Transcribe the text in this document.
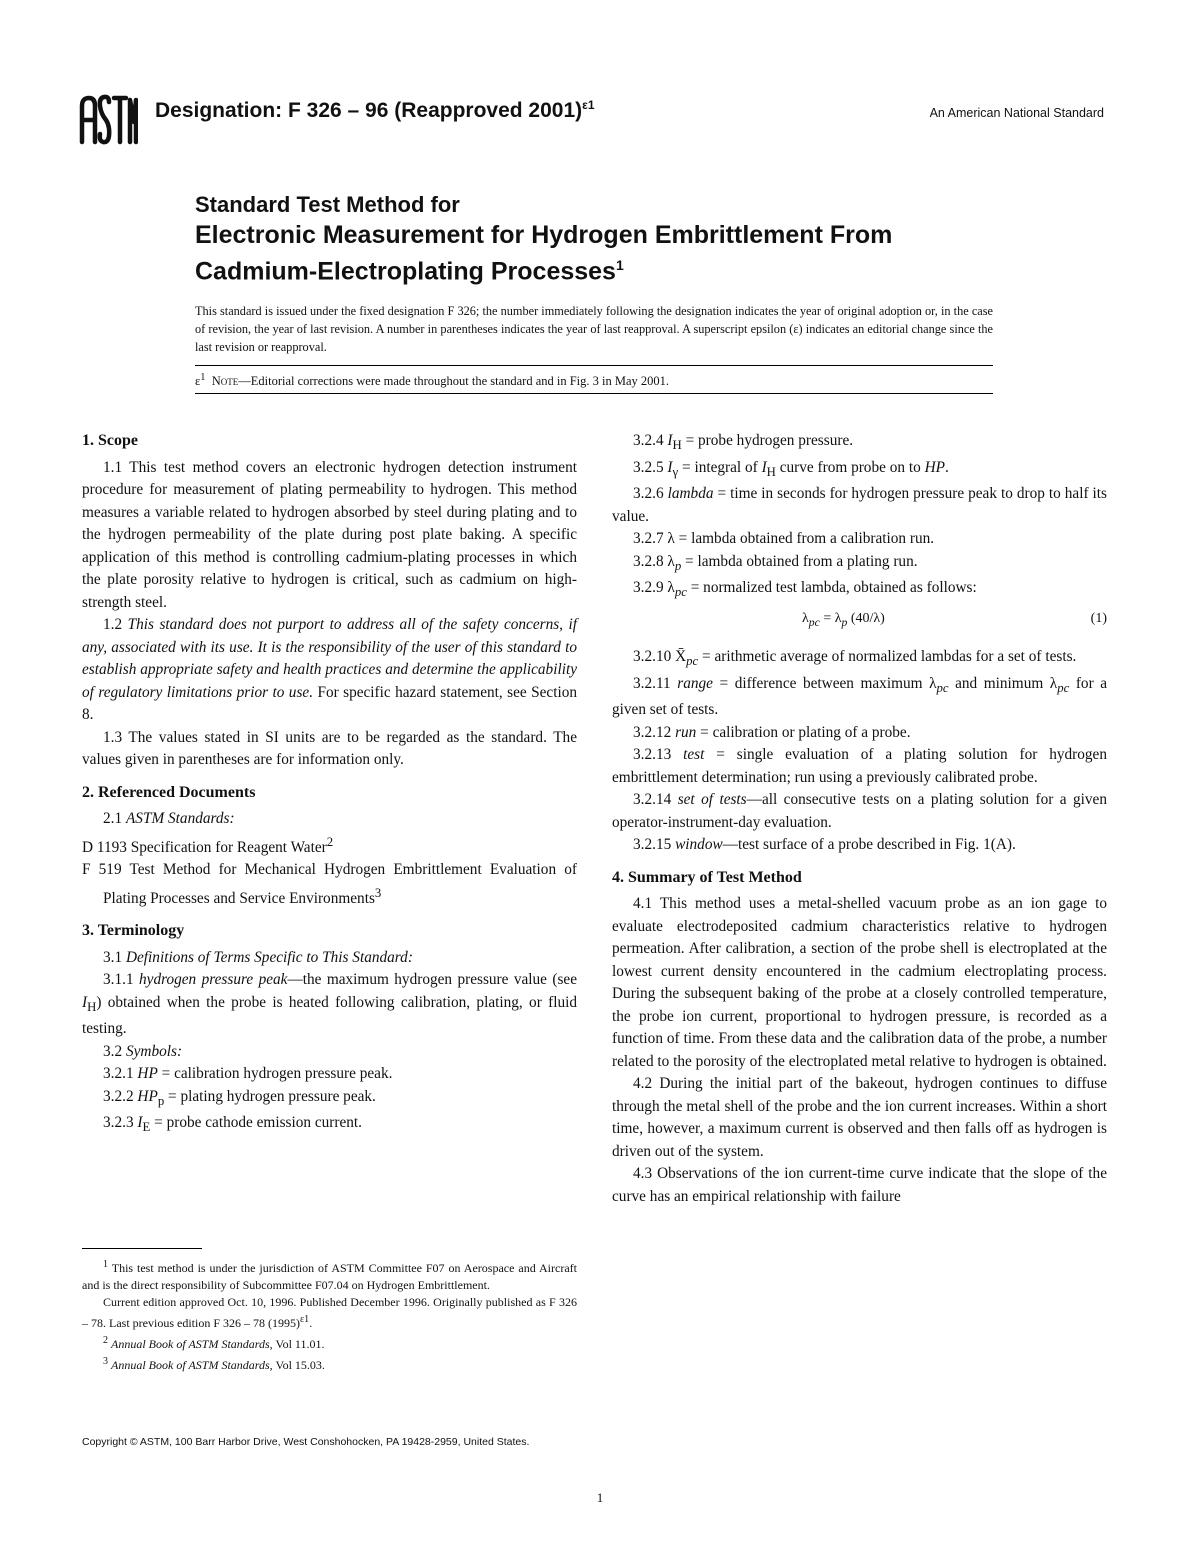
Designation: F 326 – 96 (Reapproved 2001)$^{\varepsilon 1}$
An American National Standard
Standard Test Method for
Electronic Measurement for Hydrogen Embrittlement From
Cadmium-Electroplating Processes$^1$
This standard is issued under the fixed designation F 326; the number immediately following the designation indicates the year of original adoption or, in the case of revision, the year of last revision. A number in parentheses indicates the year of last reapproval. A superscript epsilon (ε) indicates an editorial change since the last revision or reapproval.
$\varepsilon^1$ Note—Editorial corrections were made throughout the standard and in Fig. 3 in May 2001.
1. Scope

1.1 This test method covers an electronic hydrogen detection instrument procedure for measurement of plating permeability to hydrogen. This method measures a variable related to hydrogen absorbed by steel during plating and to the hydrogen permeability of the plate during post plate baking. A specific application of this method is controlling cadmium-plating processes in which the plate porosity relative to hydrogen is critical, such as cadmium on high-strength steel.

1.2 This standard does not purport to address all of the safety concerns, if any, associated with its use. It is the responsibility of the user of this standard to establish appropriate safety and health practices and determine the applicability of regulatory limitations prior to use. For specific hazard statement, see Section 8.

1.3 The values stated in SI units are to be regarded as the standard. The values given in parentheses are for information only.

2. Referenced Documents

2.1 ASTM Standards:

D 1193 Specification for Reagent Water$^2$

F 519 Test Method for Mechanical Hydrogen Embrittlement Evaluation of Plating Processes and Service Environments$^3$

3. Terminology

3.1 Definitions of Terms Specific to This Standard:

3.1.1 hydrogen pressure peak—the maximum hydrogen pressure value (see $I_H$) obtained when the probe is heated following calibration, plating, or fluid testing.

3.2 Symbols:

3.2.1 HP = calibration hydrogen pressure peak.

3.2.2 $HP_p$ = plating hydrogen pressure peak.

3.2.3 $I_E$ = probe cathode emission current.

3.2.4 $I_H$ = probe hydrogen pressure.

3.2.5 $I_\gamma$ = integral of $I_H$ curve from probe on to HP.

3.2.6 lambda = time in seconds for hydrogen pressure peak to drop to half its value.

3.2.7 λ = lambda obtained from a calibration run.

3.2.8 $\lambda_p$ = lambda obtained from a plating run.

3.2.9 $\lambda_{pc}$ = normalized test lambda, obtained as follows:

$\lambda_{pc} = \lambda_p$ (40/λ)	(1)

3.2.10 $X̄_{pc}$ = arithmetic average of normalized lambdas for a set of tests.

3.2.11 range = difference between maximum $\lambda_{pc}$ and minimum $\lambda_{pc}$ for a given set of tests.

3.2.12 run = calibration or plating of a probe.

3.2.13 test = single evaluation of a plating solution for hydrogen embrittlement determination; run using a previously calibrated probe.

3.2.14 set of tests—all consecutive tests on a plating solution for a given operator-instrument-day evaluation.

3.2.15 window—test surface of a probe described in Fig. 1(A).

4. Summary of Test Method

4.1 This method uses a metal-shelled vacuum probe as an ion gage to evaluate electrodeposited cadmium characteristics relative to hydrogen permeation. After calibration, a section of the probe shell is electroplated at the lowest current density encountered in the cadmium electroplating process. During the subsequent baking of the probe at a closely controlled temperature, the probe ion current, proportional to hydrogen pressure, is recorded as a function of time. From these data and the calibration data of the probe, a number related to the porosity of the electroplated metal relative to hydrogen is obtained.

4.2 During the initial part of the bakeout, hydrogen continues to diffuse through the metal shell of the probe and the ion current increases. Within a short time, however, a maximum current is observed and then falls off as hydrogen is driven out of the system.

4.3 Observations of the ion current-time curve indicate that the slope of the curve has an empirical relationship with failure

$^1$ This test method is under the jurisdiction of ASTM Committee F07 on Aerospace and Aircraft and is the direct responsibility of Subcommittee F07.04 on Hydrogen Embrittlement.

Current edition approved Oct. 10, 1996. Published December 1996. Originally published as F 326 – 78. Last previous edition F 326 – 78 $(1995)^{\varepsilon 1}$.

$^2$ Annual Book of ASTM Standards, Vol 11.01.

$^3$ Annual Book of ASTM Standards, Vol 15.03.

Copyright © ASTM, 100 Barr Harbor Drive, West Conshohocken, PA 19428-2959, United States.
1
